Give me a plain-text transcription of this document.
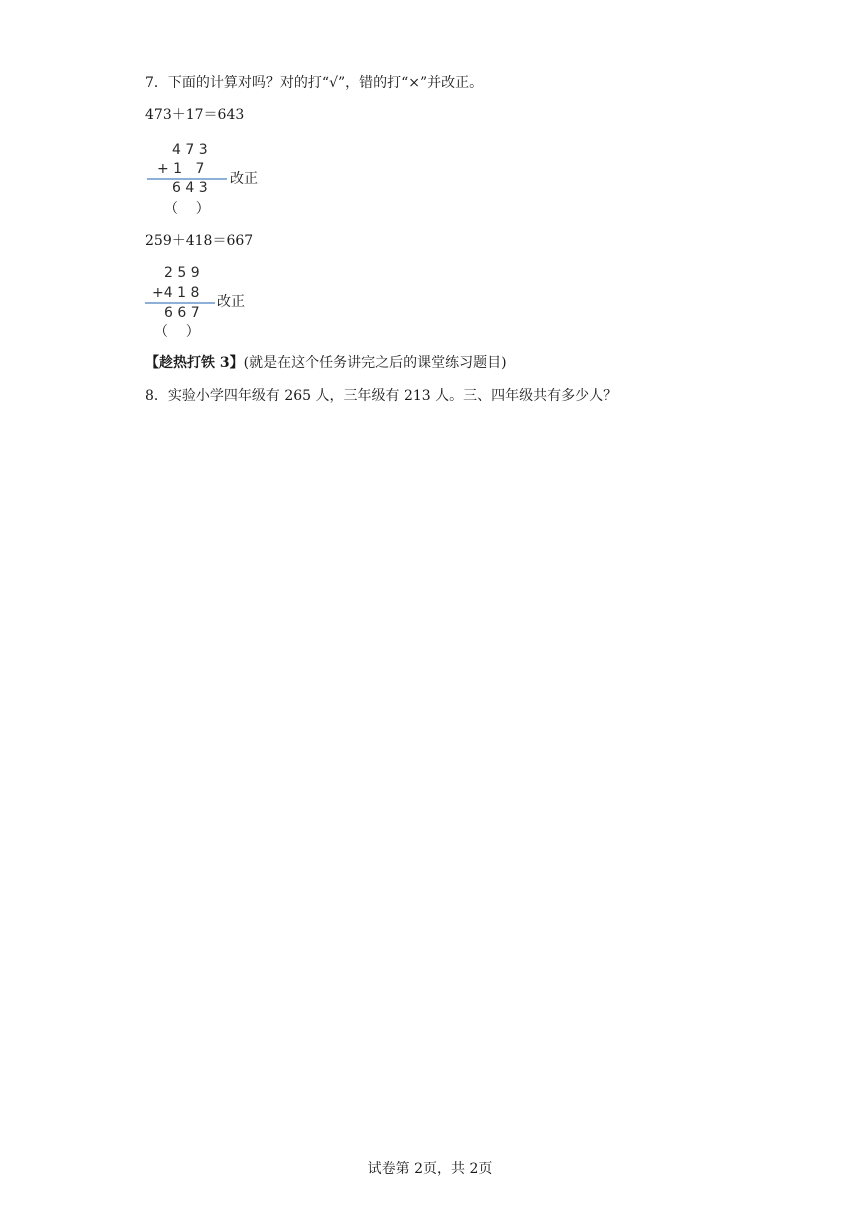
7．下面的计算对吗？对的打“√”，错的打“×”并改正。
473＋17＝643
4 7 3
+ 1   7
6 4 3
改正
（    ）
259＋418＝667
2 5 9
+4 1 8
6 6 7
改正
（    ）
【趁热打铁 3】(就是在这个任务讲完之后的课堂练习题目)
8．实验小学四年级有 265 人，三年级有 213 人。三、四年级共有多少人？
试卷第 2页，共 2页
